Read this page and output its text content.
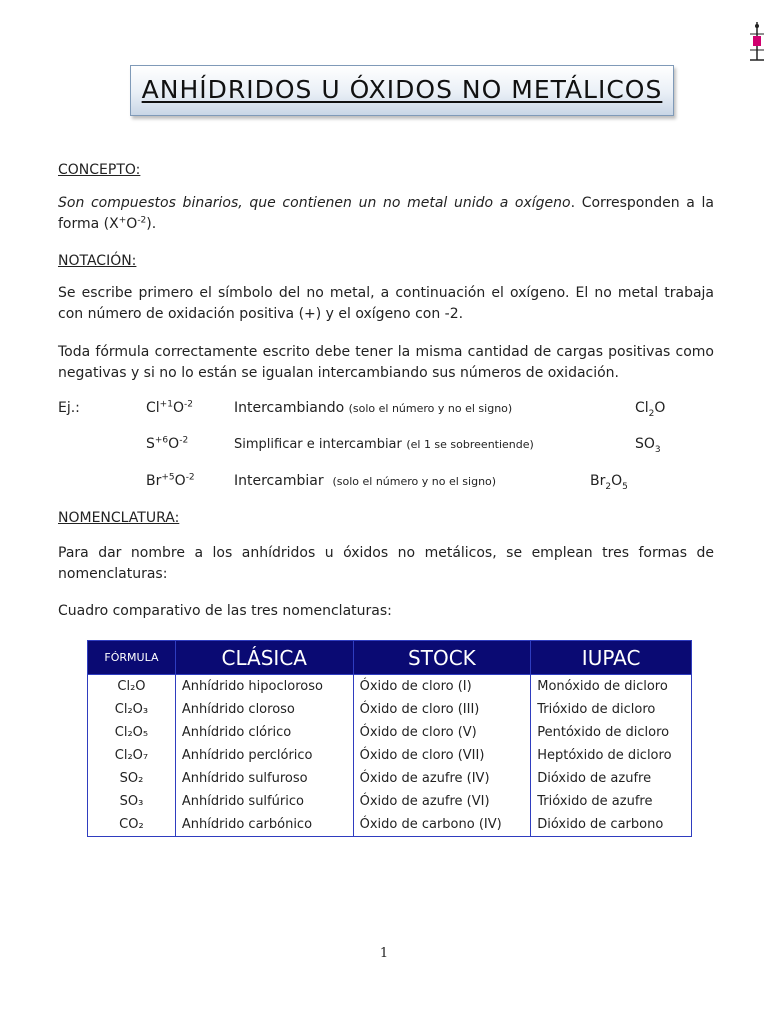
ANHÍDRIDOS U ÓXIDOS NO METÁLICOS
CONCEPTO:
Son compuestos binarios, que contienen un no metal unido a oxígeno. Corresponden a la forma $(X^+O^{-2})$.
NOTACIÓN:
Se escribe primero el símbolo del no metal, a continuación el oxígeno. El no metal trabaja con número de oxidación positiva (+) y el oxígeno con -2.
Toda fórmula correctamente escrito debe tener la misma cantidad de cargas positivas como negativas y si no lo están se igualan intercambiando sus números de oxidación.
Ej.:	$Cl^{+1}O^{-2}$	Intercambiando (solo el número y no el signo)	$Cl_2O$
$S^{+6}O^{-2}$	Simplificar e intercambiar (el 1 se sobreentiende)	$SO_3$
$Br^{+5}O^{-2}$	Intercambiar (solo el número y no el signo)	$Br_2O_5$
NOMENCLATURA:
Para dar nombre a los anhídridos u óxidos no metálicos, se emplean tres formas de nomenclaturas:
Cuadro comparativo de las tres nomenclaturas:
FÓRMULA	CLÁSICA	STOCK	IUPAC
Cl₂O	Anhídrido hipocloroso	Óxido de cloro (I)	Monóxido de dicloro
Cl₂O₃	Anhídrido cloroso	Óxido de cloro (III)	Trióxido de dicloro
Cl₂O₅	Anhídrido clórico	Óxido de cloro (V)	Pentóxido de dicloro
Cl₂O₇	Anhídrido perclórico	Óxido de cloro (VII)	Heptóxido de dicloro
SO₂	Anhídrido sulfuroso	Óxido de azufre (IV)	Dióxido de azufre
SO₃	Anhídrido sulfúrico	Óxido de azufre (VI)	Trióxido de azufre
CO₂	Anhídrido carbónico	Óxido de carbono (IV)	Dióxido de carbono
1
